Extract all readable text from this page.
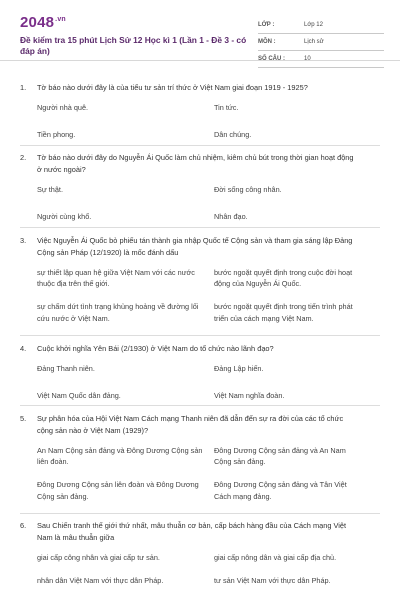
$2048^{.vn}$
Đề kiểm tra 15 phút Lịch Sử 12 Học kì 1 (Lần 1 - Đề 3 - có đáp án)
LỚP :	Lớp 12
MÔN :	Lịch sử
SỐ CÂU :	10
1.	Tờ báo nào dưới đây là của tiểu tư sản trí thức ở Việt Nam giai đoạn 1919 - 1925?
Người nhà quê.	Tin tức.
Tiền phong.	Dân chúng.
2.	Tờ báo nào dưới đây do Nguyễn Ái Quốc làm chủ nhiệm, kiêm chủ bút trong thời gian hoạt động ở nước ngoài?
Sự thật.	Đời sống công nhân.
Người cùng khổ.	Nhân đạo.
3.	Việc Nguyễn Ái Quốc bỏ phiếu tán thành gia nhập Quốc tế Cộng sản và tham gia sáng lập Đảng Cộng sản Pháp (12/1920) là mốc đánh dấu
sự thiết lập quan hệ giữa Việt Nam với các nước thuộc địa trên thế giới.
bước ngoặt quyết định trong cuộc đời hoạt động của Nguyễn Ái Quốc.
sự chấm dứt tình trạng khủng hoảng về đường lối cứu nước ở Việt Nam.
bước ngoặt quyết định trong tiến trình phát triển của cách mạng Việt Nam.
4.	Cuộc khởi nghĩa Yên Bái (2/1930) ở Việt Nam do tổ chức nào lãnh đạo?
Đảng Thanh niên.	Đảng Lập hiến.
Việt Nam Quốc dân đảng.	Việt Nam nghĩa đoàn.
5.	Sự phân hóa của Hội Việt Nam Cách mạng Thanh niên đã dẫn đến sự ra đời của các tổ chức cộng sản nào ở Việt Nam (1929)?
An Nam Cộng sản đảng và Đông Dương Cộng sản liên đoàn.
Đông Dương Cộng sản đảng và An Nam Cộng sản đảng.
Đông Dương Cộng sản liên đoàn và Đông Dương Cộng sản đảng.
Đông Dương Cộng sản đảng và Tân Việt Cách mạng đảng.
6.	Sau Chiến tranh thế giới thứ nhất, mâu thuẫn cơ bản, cấp bách hàng đầu của Cách mạng Việt Nam là mâu thuẫn giữa
giai cấp công nhân và giai cấp tư sản.	giai cấp nông dân và giai cấp địa chủ.
nhân dân Việt Nam với thực dân Pháp.	tư sản Việt Nam với thực dân Pháp.
